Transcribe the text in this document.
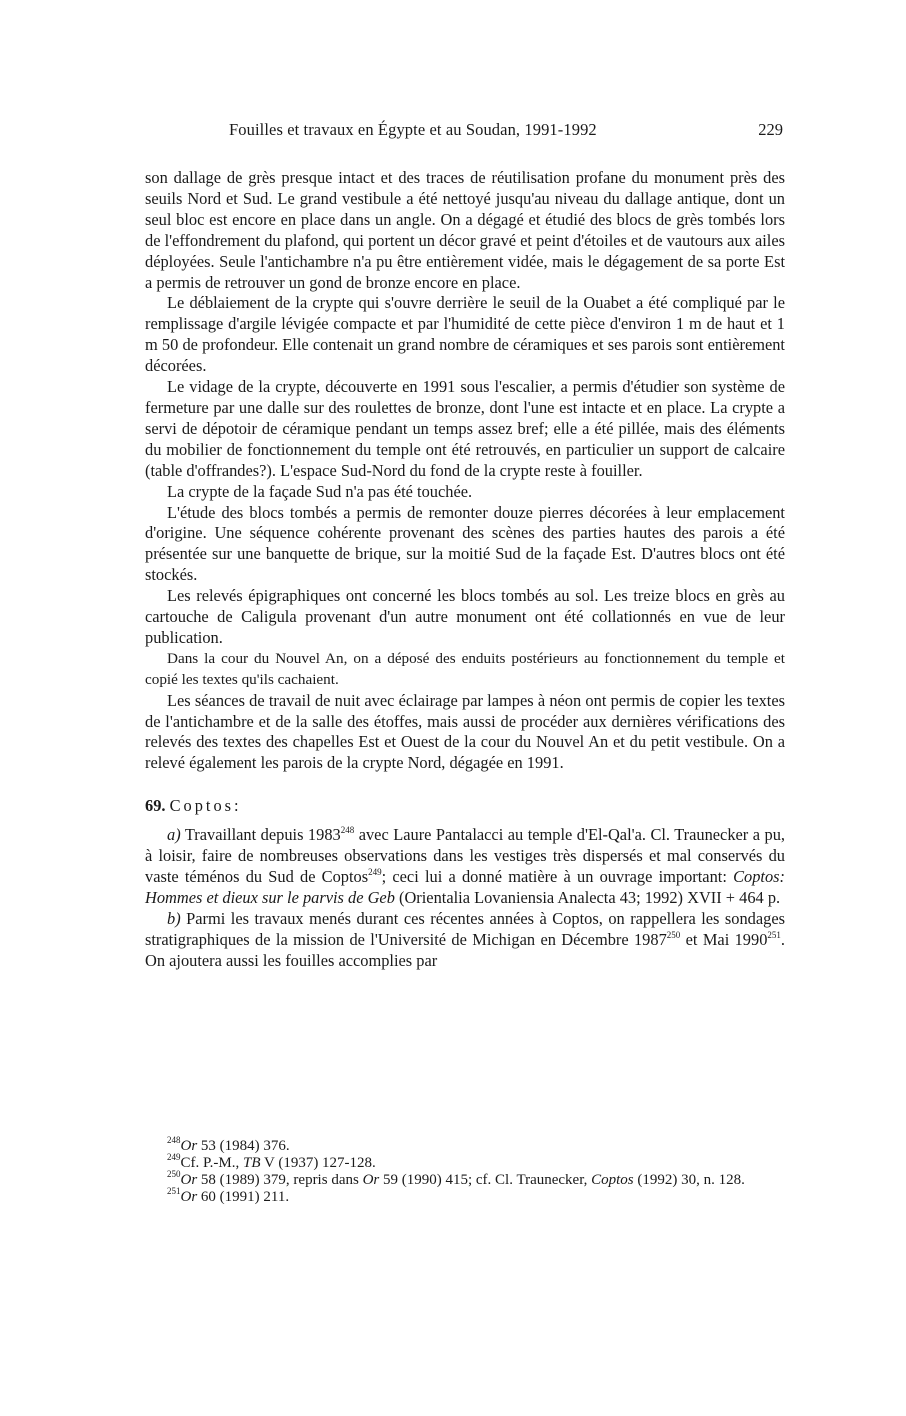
Fouilles et travaux en Égypte et au Soudan, 1991-1992	229

son dallage de grès presque intact et des traces de réutilisation profane du monument près des seuils Nord et Sud. Le grand vestibule a été nettoyé jusqu'au niveau du dallage antique, dont un seul bloc est encore en place dans un angle. On a dégagé et étudié des blocs de grès tombés lors de l'effondrement du plafond, qui portent un décor gravé et peint d'étoiles et de vautours aux ailes déployées. Seule l'antichambre n'a pu être entièrement vidée, mais le dégagement de sa porte Est a permis de retrouver un gond de bronze encore en place.

Le déblaiement de la crypte qui s'ouvre derrière le seuil de la Ouabet a été compliqué par le remplissage d'argile lévigée compacte et par l'humidité de cette pièce d'environ 1 m de haut et 1 m 50 de profondeur. Elle contenait un grand nombre de céramiques et ses parois sont entièrement décorées.

Le vidage de la crypte, découverte en 1991 sous l'escalier, a permis d'étudier son système de fermeture par une dalle sur des roulettes de bronze, dont l'une est intacte et en place. La crypte a servi de dépotoir de céramique pendant un temps assez bref; elle a été pillée, mais des éléments du mobilier de fonctionnement du temple ont été retrouvés, en particulier un support de calcaire (table d'offrandes?). L'espace Sud-Nord du fond de la crypte reste à fouiller.

La crypte de la façade Sud n'a pas été touchée.

L'étude des blocs tombés a permis de remonter douze pierres décorées à leur emplacement d'origine. Une séquence cohérente provenant des scènes des parties hautes des parois a été présentée sur une banquette de brique, sur la moitié Sud de la façade Est. D'autres blocs ont été stockés.

Les relevés épigraphiques ont concerné les blocs tombés au sol. Les treize blocs en grès au cartouche de Caligula provenant d'un autre monument ont été collationnés en vue de leur publication.

Dans la cour du Nouvel An, on a déposé des enduits postérieurs au fonctionnement du temple et copié les textes qu'ils cachaient.

Les séances de travail de nuit avec éclairage par lampes à néon ont permis de copier les textes de l'antichambre et de la salle des étoffes, mais aussi de procéder aux dernières vérifications des relevés des textes des chapelles Est et Ouest de la cour du Nouvel An et du petit vestibule. On a relevé également les parois de la crypte Nord, dégagée en 1991.

69. Coptos:

a) Travaillant depuis 1983$^{248}$ avec Laure Pantalacci au temple d'El-Qal'a. Cl. Traunecker a pu, à loisir, faire de nombreuses observations dans les vestiges très dispersés et mal conservés du vaste téménos du Sud de Coptos$^{249}$; ceci lui a donné matière à un ouvrage important: Coptos: Hommes et dieux sur le parvis de Geb (Orientalia Lovaniensia Analecta 43; 1992) XVII + 464 p.

b) Parmi les travaux menés durant ces récentes années à Coptos, on rappellera les sondages stratigraphiques de la mission de l'Université de Michigan en Décembre 1987$^{250}$ et Mai 1990$^{251}$. On ajoutera aussi les fouilles accomplies par

$^{248}$Or 53 (1984) 376.

$^{249}$Cf. P.-M., TB V (1937) 127-128.

$^{250}$Or 58 (1989) 379, repris dans Or 59 (1990) 415; cf. Cl. Traunecker, Coptos (1992) 30, n. 128.

$^{251}$Or 60 (1991) 211.
